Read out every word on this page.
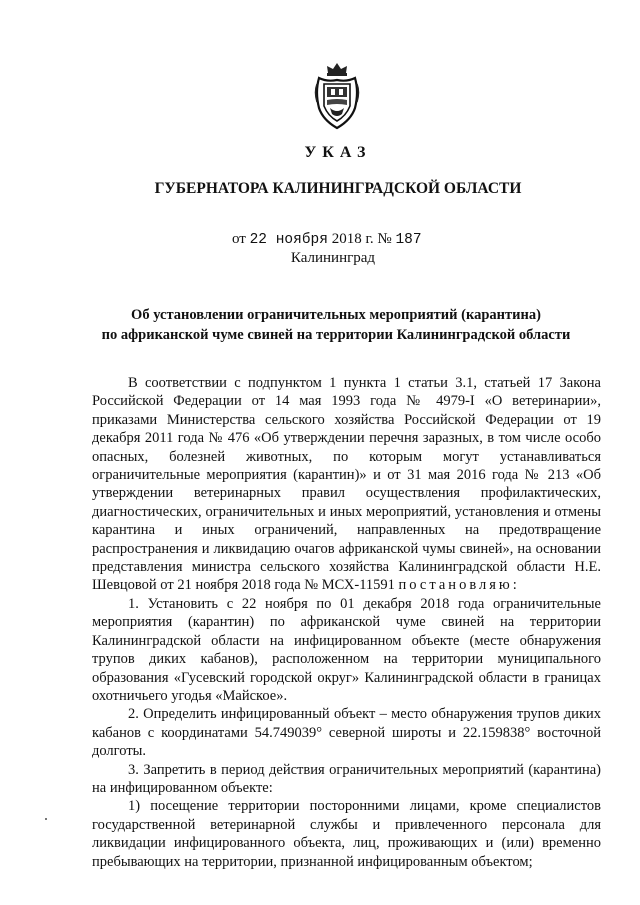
УКАЗ
ГУБЕРНАТОРА КАЛИНИНГРАДСКОЙ ОБЛАСТИ
от 22 ноября 2018 г. № 187
Калининград
Об установлении ограничительных мероприятий (карантина)
по африканской чуме свиней на территории Калининградской области

В соответствии с подпунктом 1 пункта 1 статьи 3.1, статьей 17 Закона Российской Федерации от 14 мая 1993 года № 4979-I «О ветеринарии», приказами Министерства сельского хозяйства Российской Федерации от 19 декабря 2011 года № 476 «Об утверждении перечня заразных, в том числе особо опасных, болезней животных, по которым могут устанавливаться ограничительные мероприятия (карантин)» и от 31 мая 2016 года № 213 «Об утверждении ветеринарных правил осуществления профилактических, диагностических, ограничительных и иных мероприятий, установления и отмены карантина и иных ограничений, направленных на предотвращение распространения и ликвидацию очагов африканской чумы свиней», на основании представления министра сельского хозяйства Калининградской области Н.Е. Шевцовой от 21 ноября 2018 года № МСХ-11591 постановляю:

1. Установить с 22 ноября по 01 декабря 2018 года ограничительные мероприятия (карантин) по африканской чуме свиней на территории Калининградской области на инфицированном объекте (месте обнаружения трупов диких кабанов), расположенном на территории муниципального образования «Гусевский городской округ» Калининградской области в границах охотничьего угодья «Майское».

2. Определить инфицированный объект – место обнаружения трупов диких кабанов с координатами 54.749039° северной широты и 22.159838° восточной долготы.

3. Запретить в период действия ограничительных мероприятий (карантина) на инфицированном объекте:

1) посещение территории посторонними лицами, кроме специалистов государственной ветеринарной службы и привлеченного персонала для ликвидации инфицированного объекта, лиц, проживающих и (или) временно пребывающих на территории, признанной инфицированным объектом;
